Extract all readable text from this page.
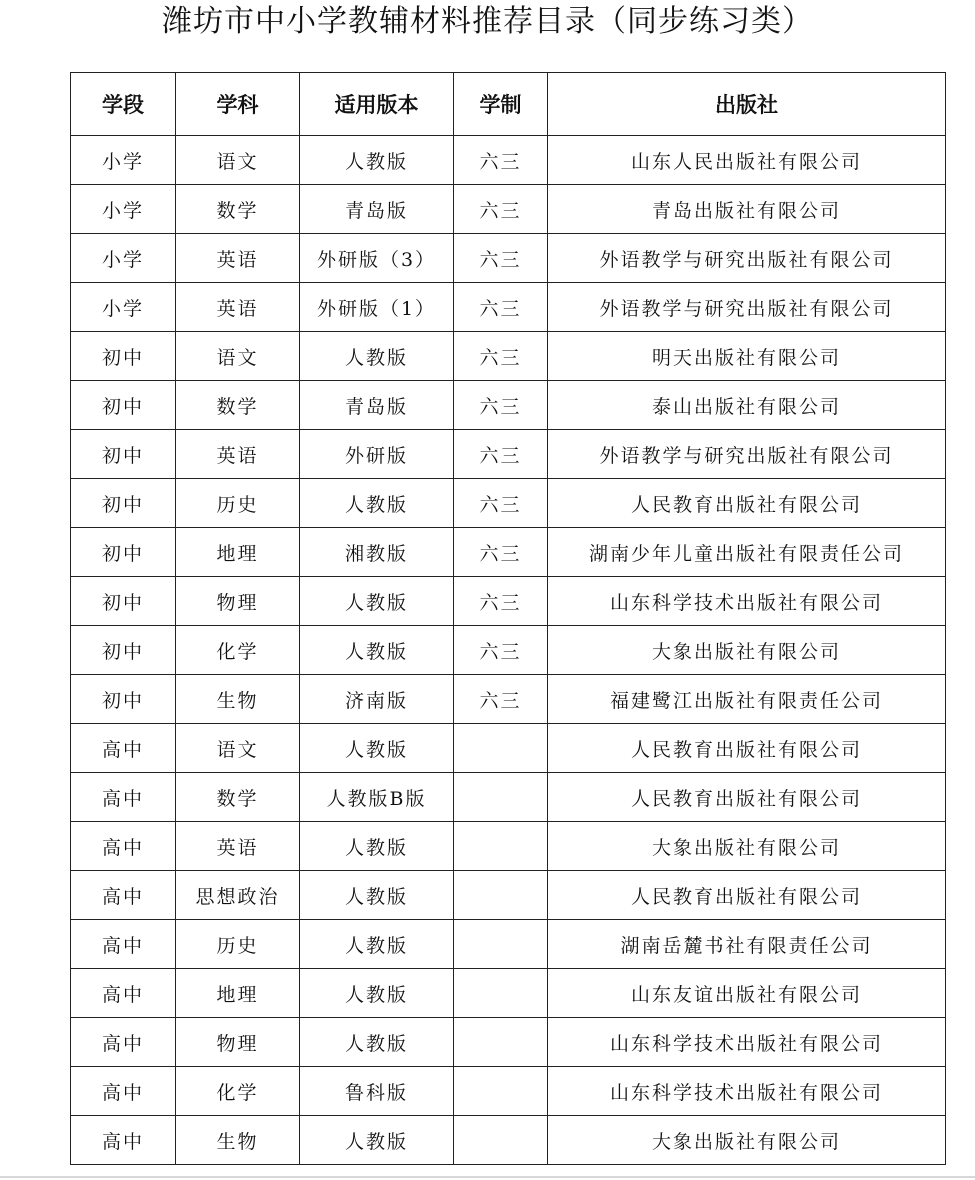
潍坊市中小学教辅材料推荐目录（同步练习类）
学段	学科	适用版本	学制	出版社
小学	语文	人教版	六三	山东人民出版社有限公司
小学	数学	青岛版	六三	青岛出版社有限公司
小学	英语	外研版（3）	六三	外语教学与研究出版社有限公司
小学	英语	外研版（1）	六三	外语教学与研究出版社有限公司
初中	语文	人教版	六三	明天出版社有限公司
初中	数学	青岛版	六三	泰山出版社有限公司
初中	英语	外研版	六三	外语教学与研究出版社有限公司
初中	历史	人教版	六三	人民教育出版社有限公司
初中	地理	湘教版	六三	湖南少年儿童出版社有限责任公司
初中	物理	人教版	六三	山东科学技术出版社有限公司
初中	化学	人教版	六三	大象出版社有限公司
初中	生物	济南版	六三	福建鹭江出版社有限责任公司
高中	语文	人教版		人民教育出版社有限公司
高中	数学	人教版B版		人民教育出版社有限公司
高中	英语	人教版		大象出版社有限公司
高中	思想政治	人教版		人民教育出版社有限公司
高中	历史	人教版		湖南岳麓书社有限责任公司
高中	地理	人教版		山东友谊出版社有限公司
高中	物理	人教版		山东科学技术出版社有限公司
高中	化学	鲁科版		山东科学技术出版社有限公司
高中	生物	人教版		大象出版社有限公司
